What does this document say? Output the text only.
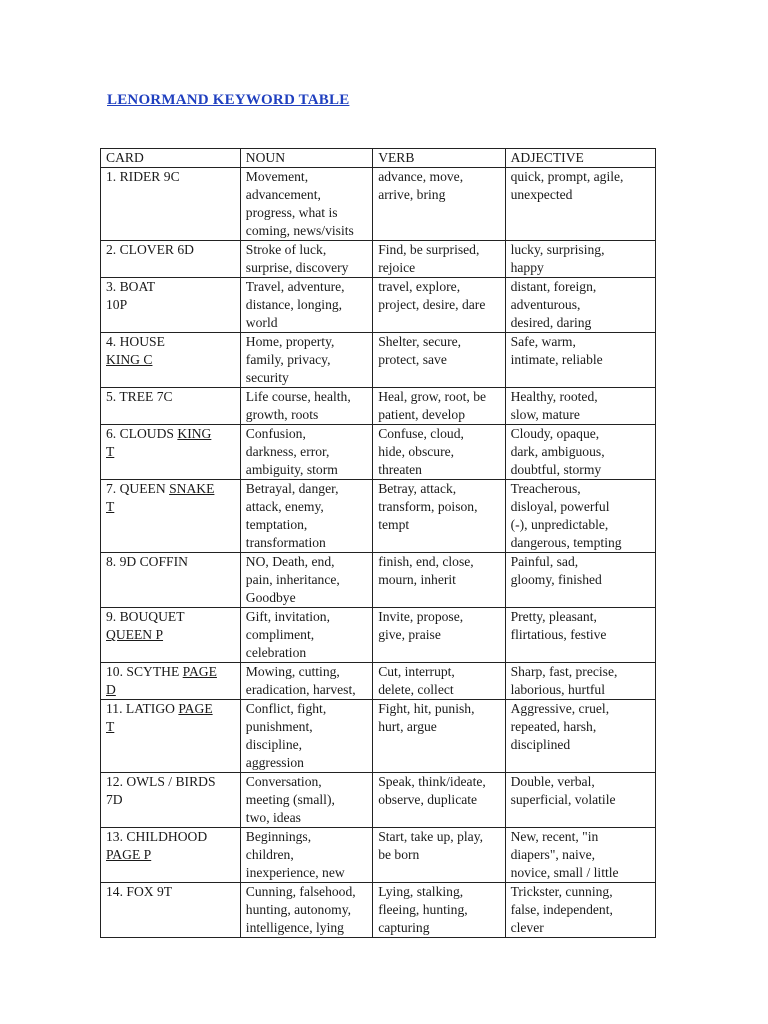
LENORMAND KEYWORD TABLE
CARD	NOUN	VERB	ADJECTIVE
1. RIDER 9C	Movement,
advancement,
progress, what is
coming, news/visits	advance, move,
arrive, bring	quick, prompt, agile,
unexpected
2. CLOVER 6D	Stroke of luck,
surprise, discovery	Find, be surprised,
rejoice	lucky, surprising,
happy
3. BOAT
10P	Travel, adventure,
distance, longing,
world	travel, explore,
project, desire, dare	distant, foreign,
adventurous,
desired, daring
4. HOUSE
KING C	Home, property,
family, privacy,
security	Shelter, secure,
protect, save	Safe, warm,
intimate, reliable
5. TREE 7C	Life course, health,
growth, roots	Heal, grow, root, be
patient, develop	Healthy, rooted,
slow, mature
6. CLOUDS KING
T	Confusion,
darkness, error,
ambiguity, storm	Confuse, cloud,
hide, obscure,
threaten	Cloudy, opaque,
dark, ambiguous,
doubtful, stormy
7. QUEEN SNAKE
T	Betrayal, danger,
attack, enemy,
temptation,
transformation	Betray, attack,
transform, poison,
tempt	Treacherous,
disloyal, powerful
(-), unpredictable,
dangerous, tempting
8. 9D COFFIN	NO, Death, end,
pain, inheritance,
Goodbye	finish, end, close,
mourn, inherit	Painful, sad,
gloomy, finished
9. BOUQUET
QUEEN P	Gift, invitation,
compliment,
celebration	Invite, propose,
give, praise	Pretty, pleasant,
flirtatious, festive
10. SCYTHE PAGE
D	Mowing, cutting,
eradication, harvest,	Cut, interrupt,
delete, collect	Sharp, fast, precise,
laborious, hurtful
11. LATIGO PAGE
T	Conflict, fight,
punishment,
discipline,
aggression	Fight, hit, punish,
hurt, argue	Aggressive, cruel,
repeated, harsh,
disciplined
12. OWLS / BIRDS
7D	Conversation,
meeting (small),
two, ideas	Speak, think/ideate,
observe, duplicate	Double, verbal,
superficial, volatile
13. CHILDHOOD
PAGE P	Beginnings,
children,
inexperience, new	Start, take up, play,
be born	New, recent, "in
diapers", naive,
novice, small / little
14. FOX 9T	Cunning, falsehood,
hunting, autonomy,
intelligence, lying	Lying, stalking,
fleeing, hunting,
capturing	Trickster, cunning,
false, independent,
clever
